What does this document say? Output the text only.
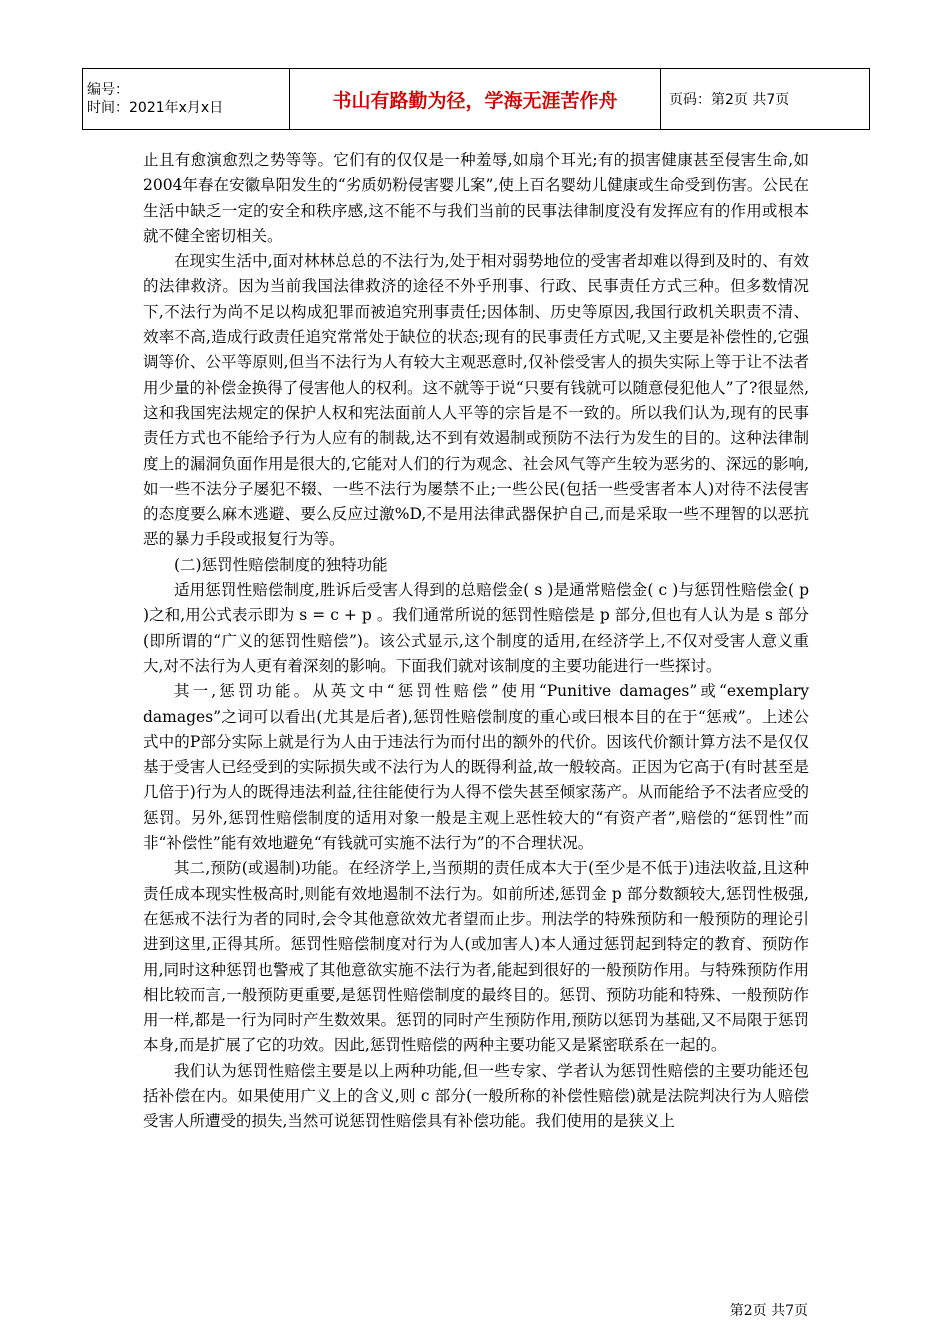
编号：
时间：2021年x月x日	书山有路勤为径，学海无涯苦作舟	页码：第2页 共7页

止且有愈演愈烈之势等等。它们有的仅仅是一种羞辱,如扇个耳光;有的损害健康甚至侵害生命,如2004年春在安徽阜阳发生的“劣质奶粉侵害婴儿案”,使上百名婴幼儿健康或生命受到伤害。公民在生活中缺乏一定的安全和秩序感,这不能不与我们当前的民事法律制度没有发挥应有的作用或根本就不健全密切相关。

在现实生活中,面对林林总总的不法行为,处于相对弱势地位的受害者却难以得到及时的、有效的法律救济。因为当前我国法律救济的途径不外乎刑事、行政、民事责任方式三种。但多数情况下,不法行为尚不足以构成犯罪而被追究刑事责任;因体制、历史等原因,我国行政机关职责不清、效率不高,造成行政责任追究常常处于缺位的状态;现有的民事责任方式呢,又主要是补偿性的,它强调等价、公平等原则,但当不法行为人有较大主观恶意时,仅补偿受害人的损失实际上等于让不法者用少量的补偿金换得了侵害他人的权利。这不就等于说“只要有钱就可以随意侵犯他人”了?很显然,这和我国宪法规定的保护人权和宪法面前人人平等的宗旨是不一致的。所以我们认为,现有的民事责任方式也不能给予行为人应有的制裁,达不到有效遏制或预防不法行为发生的目的。这种法律制度上的漏洞负面作用是很大的,它能对人们的行为观念、社会风气等产生较为恶劣的、深远的影响,如一些不法分子屡犯不辍、一些不法行为屡禁不止;一些公民(包括一些受害者本人)对待不法侵害的态度要么麻木逃避、要么反应过激%D,不是用法律武器保护自己,而是采取一些不理智的以恶抗恶的暴力手段或报复行为等。

(二)惩罚性赔偿制度的独特功能

适用惩罚性赔偿制度,胜诉后受害人得到的总赔偿金( s )是通常赔偿金( c )与惩罚性赔偿金( p )之和,用公式表示即为 s = c + p 。我们通常所说的惩罚性赔偿是 p 部分,但也有人认为是 s 部分(即所谓的“广义的惩罚性赔偿”)。该公式显示,这个制度的适用,在经济学上,不仅对受害人意义重大,对不法行为人更有着深刻的影响。下面我们就对该制度的主要功能进行一些探讨。

其一,惩罚功能。从英文中“惩罚性赔偿”使用“Punitive damages”或“exemplary damages”之词可以看出(尤其是后者),惩罚性赔偿制度的重心或曰根本目的在于“惩戒”。上述公式中的P部分实际上就是行为人由于违法行为而付出的额外的代价。因该代价额计算方法不是仅仅基于受害人已经受到的实际损失或不法行为人的既得利益,故一般较高。正因为它高于(有时甚至是几倍于)行为人的既得违法利益,往往能使行为人得不偿失甚至倾家荡产。从而能给予不法者应受的惩罚。另外,惩罚性赔偿制度的适用对象一般是主观上恶性较大的“有资产者”,赔偿的“惩罚性”而非“补偿性”能有效地避免“有钱就可实施不法行为”的不合理状况。

其二,预防(或遏制)功能。在经济学上,当预期的责任成本大于(至少是不低于)违法收益,且这种责任成本现实性极高时,则能有效地遏制不法行为。如前所述,惩罚金 p 部分数额较大,惩罚性极强,在惩戒不法行为者的同时,会令其他意欲效尤者望而止步。刑法学的特殊预防和一般预防的理论引进到这里,正得其所。惩罚性赔偿制度对行为人(或加害人)本人通过惩罚起到特定的教育、预防作用,同时这种惩罚也警戒了其他意欲实施不法行为者,能起到很好的一般预防作用。与特殊预防作用相比较而言,一般预防更重要,是惩罚性赔偿制度的最终目的。惩罚、预防功能和特殊、一般预防作用一样,都是一行为同时产生数效果。惩罚的同时产生预防作用,预防以惩罚为基础,又不局限于惩罚本身,而是扩展了它的功效。因此,惩罚性赔偿的两种主要功能又是紧密联系在一起的。

我们认为惩罚性赔偿主要是以上两种功能,但一些专家、学者认为惩罚性赔偿的主要功能还包括补偿在内。如果使用广义上的含义,则 c 部分(一般所称的补偿性赔偿)就是法院判决行为人赔偿受害人所遭受的损失,当然可说惩罚性赔偿具有补偿功能。我们使用的是狭义上

第2页 共7页
